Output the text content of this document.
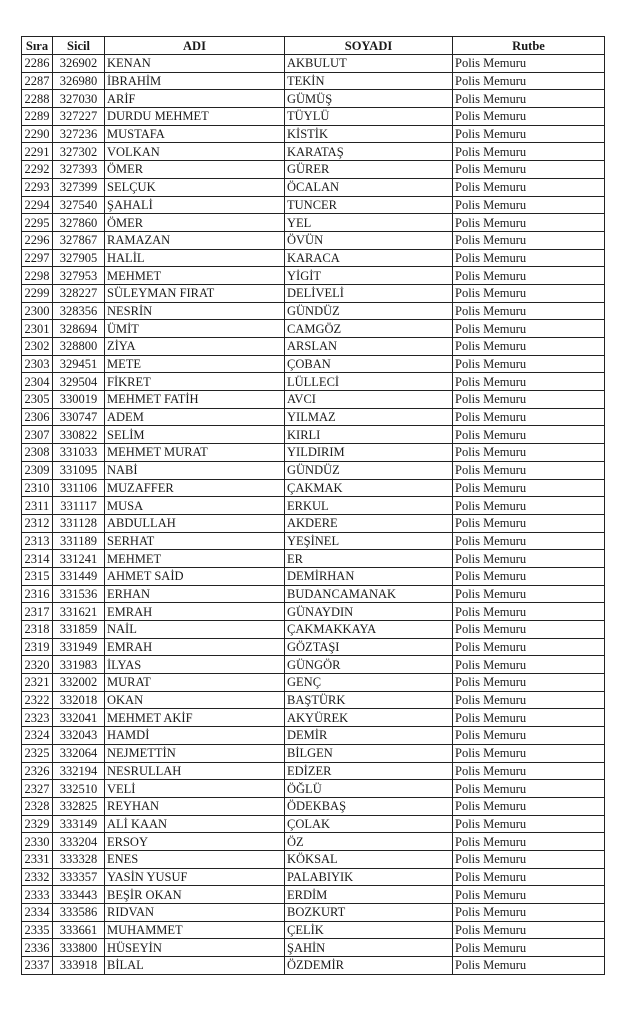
Sıra	Sicil	ADI	SOYADI	Rutbe
2286	326902	KENAN	AKBULUT	Polis Memuru
2287	326980	İBRAHİM	TEKİN	Polis Memuru
2288	327030	ARİF	GÜMÜŞ	Polis Memuru
2289	327227	DURDU MEHMET	TÜYLÜ	Polis Memuru
2290	327236	MUSTAFA	KİSTİK	Polis Memuru
2291	327302	VOLKAN	KARATAŞ	Polis Memuru
2292	327393	ÖMER	GÜRER	Polis Memuru
2293	327399	SELÇUK	ÖCALAN	Polis Memuru
2294	327540	ŞAHALİ	TUNCER	Polis Memuru
2295	327860	ÖMER	YEL	Polis Memuru
2296	327867	RAMAZAN	ÖVÜN	Polis Memuru
2297	327905	HALİL	KARACA	Polis Memuru
2298	327953	MEHMET	YİGİT	Polis Memuru
2299	328227	SÜLEYMAN FIRAT	DELİVELİ	Polis Memuru
2300	328356	NESRİN	GÜNDÜZ	Polis Memuru
2301	328694	ÜMİT	CAMGÖZ	Polis Memuru
2302	328800	ZİYA	ARSLAN	Polis Memuru
2303	329451	METE	ÇOBAN	Polis Memuru
2304	329504	FİKRET	LÜLLECİ	Polis Memuru
2305	330019	MEHMET FATİH	AVCI	Polis Memuru
2306	330747	ADEM	YILMAZ	Polis Memuru
2307	330822	SELİM	KIRLI	Polis Memuru
2308	331033	MEHMET MURAT	YILDIRIM	Polis Memuru
2309	331095	NABİ	GÜNDÜZ	Polis Memuru
2310	331106	MUZAFFER	ÇAKMAK	Polis Memuru
2311	331117	MUSA	ERKUL	Polis Memuru
2312	331128	ABDULLAH	AKDERE	Polis Memuru
2313	331189	SERHAT	YEŞİNEL	Polis Memuru
2314	331241	MEHMET	ER	Polis Memuru
2315	331449	AHMET SAİD	DEMİRHAN	Polis Memuru
2316	331536	ERHAN	BUDANCAMANAK	Polis Memuru
2317	331621	EMRAH	GÜNAYDIN	Polis Memuru
2318	331859	NAİL	ÇAKMAKKAYA	Polis Memuru
2319	331949	EMRAH	GÖZTAŞI	Polis Memuru
2320	331983	İLYAS	GÜNGÖR	Polis Memuru
2321	332002	MURAT	GENÇ	Polis Memuru
2322	332018	OKAN	BAŞTÜRK	Polis Memuru
2323	332041	MEHMET AKİF	AKYÜREK	Polis Memuru
2324	332043	HAMDİ	DEMİR	Polis Memuru
2325	332064	NEJMETTİN	BİLGEN	Polis Memuru
2326	332194	NESRULLAH	EDİZER	Polis Memuru
2327	332510	VELİ	ÖĞLÜ	Polis Memuru
2328	332825	REYHAN	ÖDEKBAŞ	Polis Memuru
2329	333149	ALİ KAAN	ÇOLAK	Polis Memuru
2330	333204	ERSOY	ÖZ	Polis Memuru
2331	333328	ENES	KÖKSAL	Polis Memuru
2332	333357	YASİN YUSUF	PALABIYIK	Polis Memuru
2333	333443	BEŞİR OKAN	ERDİM	Polis Memuru
2334	333586	RIDVAN	BOZKURT	Polis Memuru
2335	333661	MUHAMMET	ÇELİK	Polis Memuru
2336	333800	HÜSEYİN	ŞAHİN	Polis Memuru
2337	333918	BİLAL	ÖZDEMİR	Polis Memuru
